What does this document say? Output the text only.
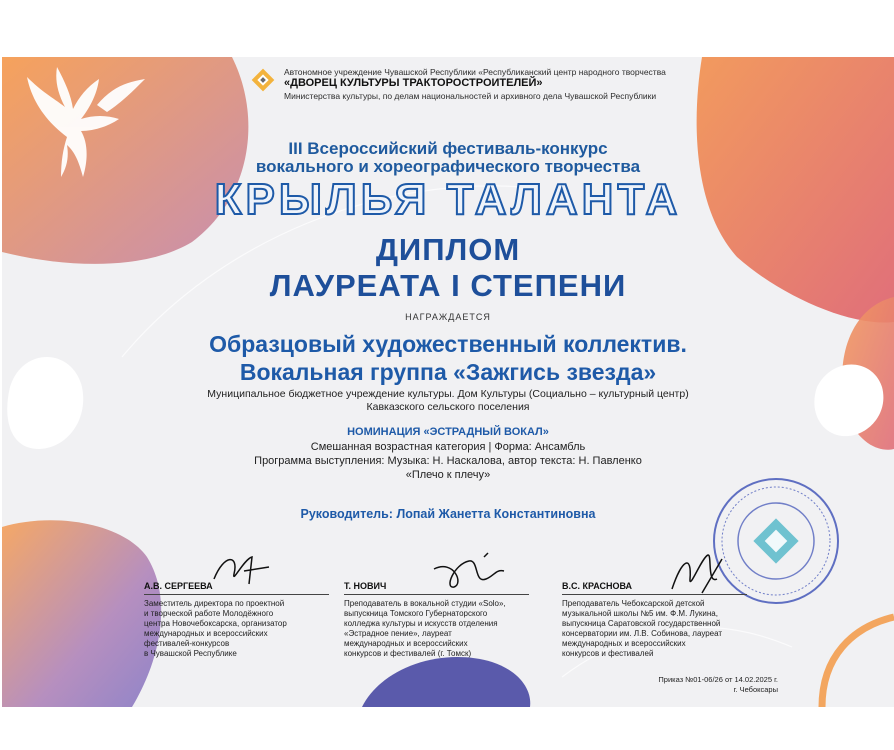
Автономное учреждение Чувашской Республики «Республиканский центр народного творчества
«ДВОРЕЦ КУЛЬТУРЫ ТРАКТОРОСТРОИТЕЛЕЙ»
Министерства культуры, по делам национальностей и архивного дела Чувашской Республики
III Всероссийский фестиваль-конкурс
вокального и хореографического творчества
КРЫЛЬЯ ТАЛАНТА
ДИПЛОМ
ЛАУРЕАТА I СТЕПЕНИ
НАГРАЖДАЕТСЯ
Образцовый художественный коллектив.
Вокальная группа «Зажгись звезда»
Муниципальное бюджетное учреждение культуры. Дом Культуры (Социально – культурный центр)
Кавказского сельского поселения
НОМИНАЦИЯ «ЭСТРАДНЫЙ ВОКАЛ»
Смешанная возрастная категория | Форма: Ансамбль
Программа выступления: Музыка: Н. Наскалова, автор текста: Н. Павленко
«Плечо к плечу»
Руководитель: Лопай Жанетта Константиновна
А.В. СЕРГЕЕВА
Заместитель директора по проектной
и творческой работе Молодёжного
центра Новочебоксарска, организатор
международных и всероссийских
фестивалей-конкурсов
в Чувашской Республике
Т. НОВИЧ
Преподаватель в вокальной студии «Solo»,
выпускница Томского Губернаторского
колледжа культуры и искусств отделения
«Эстрадное пение», лауреат
международных и всероссийских
конкурсов и фестивалей (г. Томск)
В.С. КРАСНОВА
Преподаватель Чебоксарской детской
музыкальной школы №5 им. Ф.М. Лукина,
выпускница Саратовской государственной
консерватории им. Л.В. Собинова, лауреат
международных и всероссийских
конкурсов и фестивалей
Приказ №01-06/26 от 14.02.2025 г.
г. Чебоксары
